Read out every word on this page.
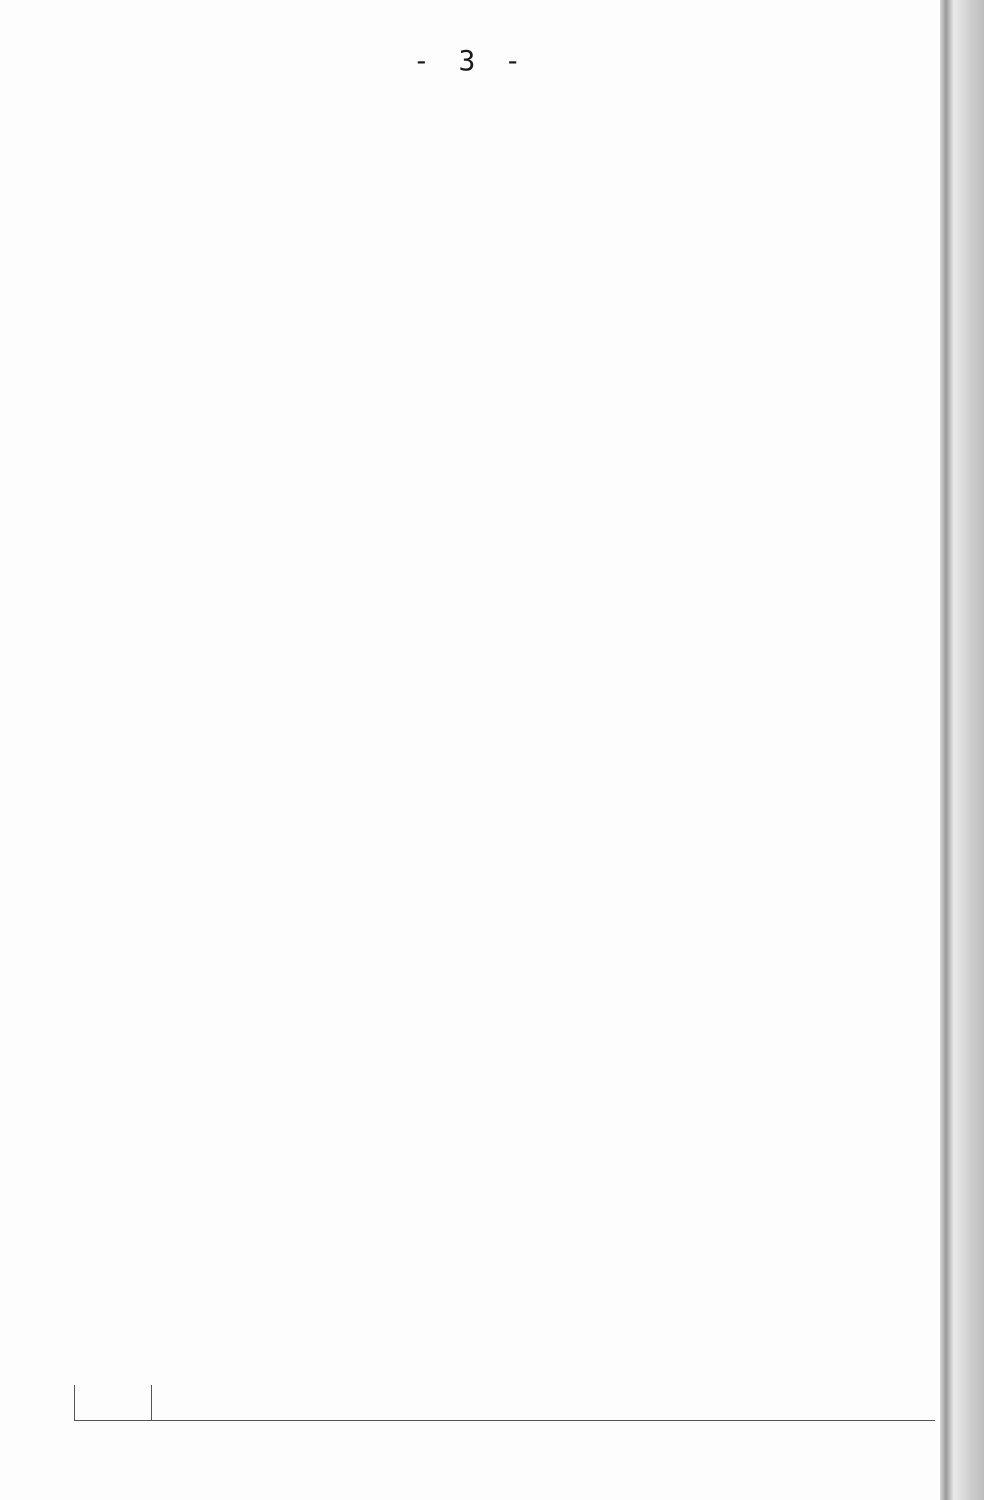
- 3 -
